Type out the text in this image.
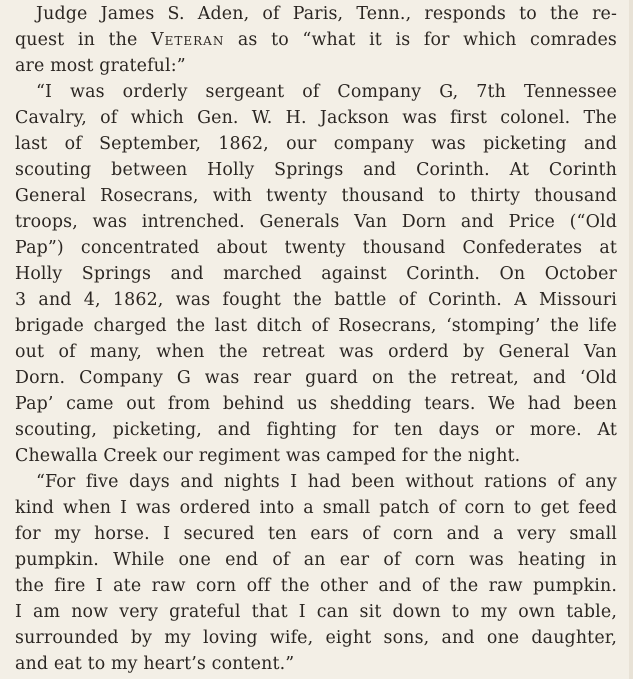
Judge James S. Aden, of Paris, Tenn., responds to the re-
quest in the Veteran as to “what it is for which comrades
are most grateful:”
“I was orderly sergeant of Company G, 7th Tennessee
Cavalry, of which Gen. W. H. Jackson was first colonel. The
last of September, 1862, our company was picketing and
scouting between Holly Springs and Corinth. At Corinth
General Rosecrans, with twenty thousand to thirty thousand
troops, was intrenched. Generals Van Dorn and Price (“Old
Pap”) concentrated about twenty thousand Confederates at
Holly Springs and marched against Corinth. On October
3 and 4, 1862, was fought the battle of Corinth. A Missouri
brigade charged the last ditch of Rosecrans, ‘stomping’ the life
out of many, when the retreat was orderd by General Van
Dorn. Company G was rear guard on the retreat, and ‘Old
Pap’ came out from behind us shedding tears. We had been
scouting, picketing, and fighting for ten days or more. At
Chewalla Creek our regiment was camped for the night.
“For five days and nights I had been without rations of any
kind when I was ordered into a small patch of corn to get feed
for my horse. I secured ten ears of corn and a very small
pumpkin. While one end of an ear of corn was heating in
the fire I ate raw corn off the other and of the raw pumpkin.
I am now very grateful that I can sit down to my own table,
surrounded by my loving wife, eight sons, and one daughter,
and eat to my heart’s content.”
